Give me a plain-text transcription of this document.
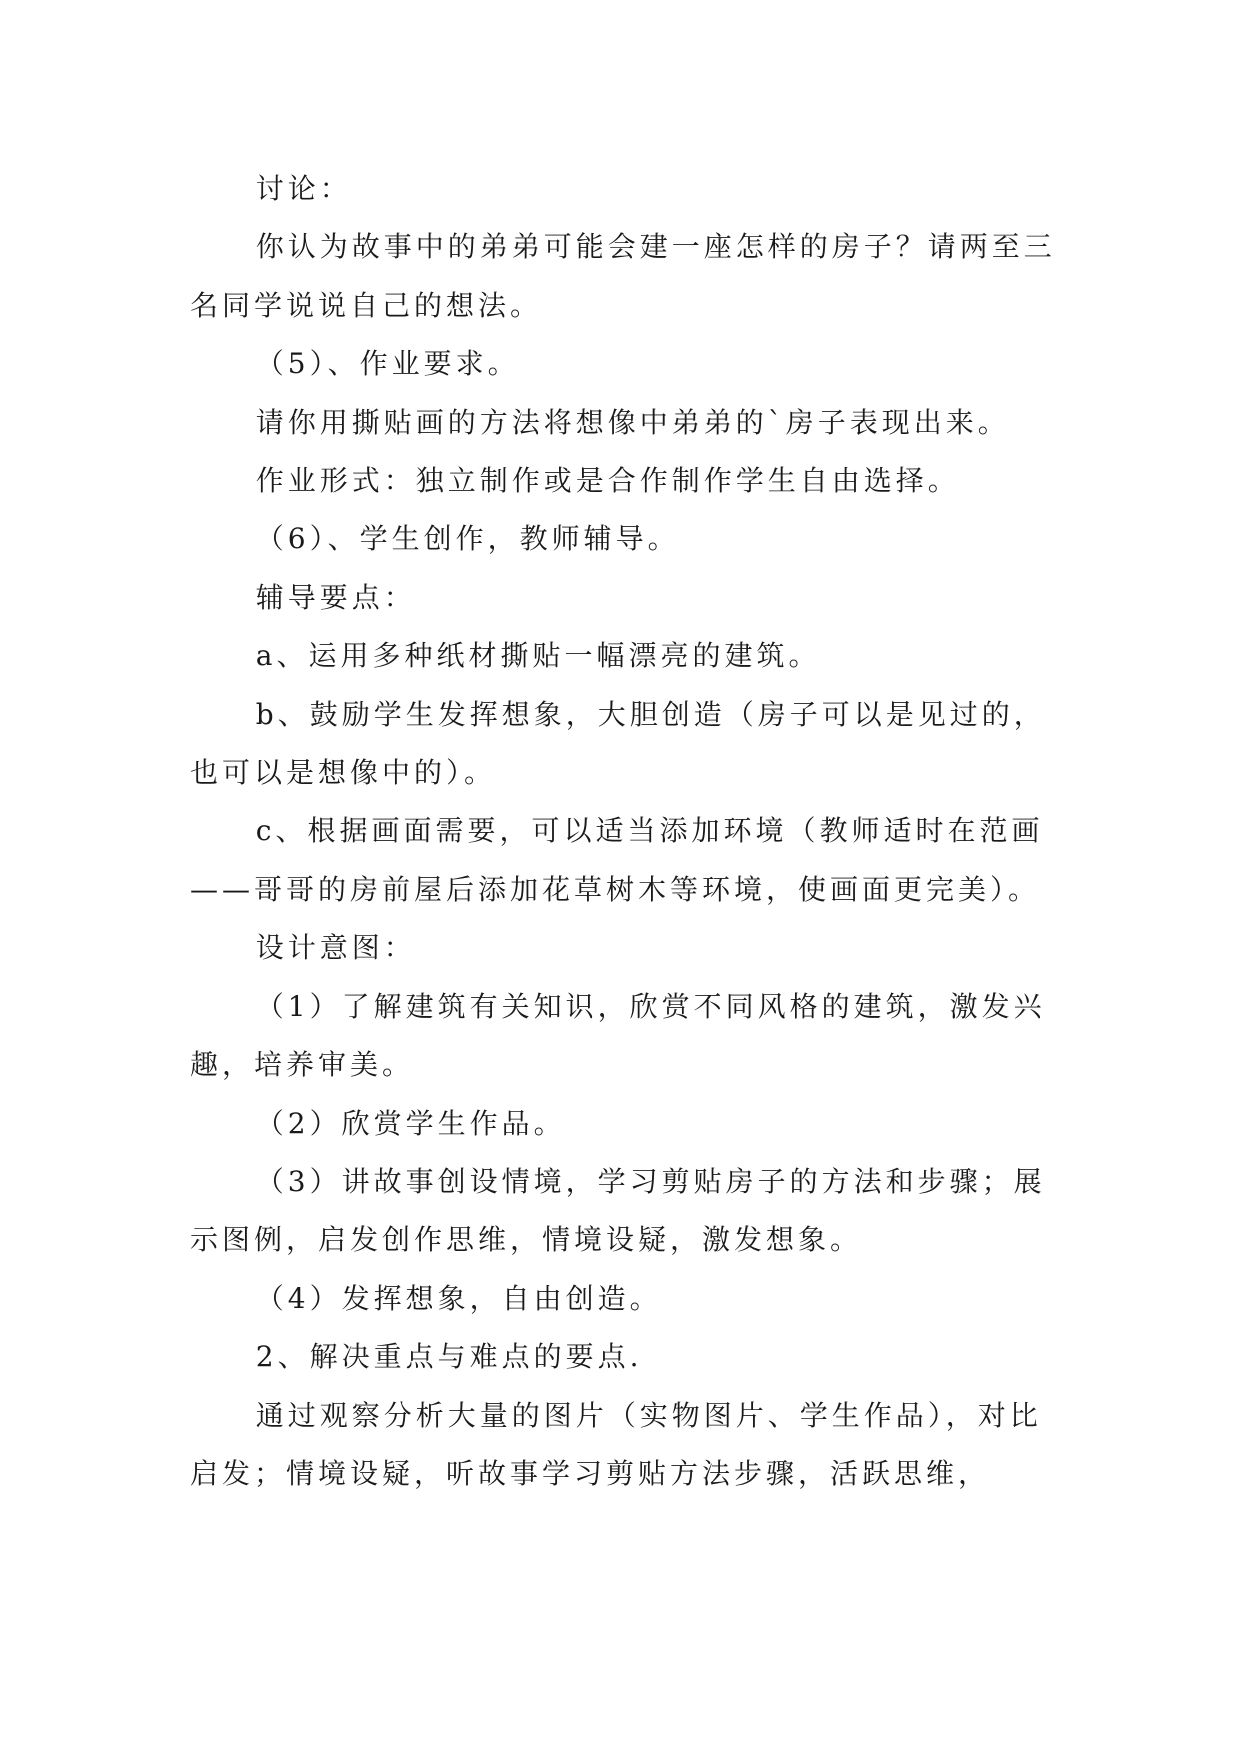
讨论：

你认为故事中的弟弟可能会建一座怎样的房子？请两至三名同学说说自己的想法。

（5）、作业要求。

请你用撕贴画的方法将想像中弟弟的`房子表现出来。

作业形式：独立制作或是合作制作学生自由选择。

（6）、学生创作，教师辅导。

辅导要点：

a、运用多种纸材撕贴一幅漂亮的建筑。

b、鼓励学生发挥想象，大胆创造（房子可以是见过的，也可以是想像中的）。

c、根据画面需要，可以适当添加环境（教师适时在范画——哥哥的房前屋后添加花草树木等环境，使画面更完美）。

设计意图：

（1）了解建筑有关知识，欣赏不同风格的建筑，激发兴趣，培养审美。

（2）欣赏学生作品。

（3）讲故事创设情境，学习剪贴房子的方法和步骤；展示图例，启发创作思维，情境设疑，激发想象。

（4）发挥想象，自由创造。

2、解决重点与难点的要点.

通过观察分析大量的图片（实物图片、学生作品），对比启发；情境设疑，听故事学习剪贴方法步骤，活跃思维，
